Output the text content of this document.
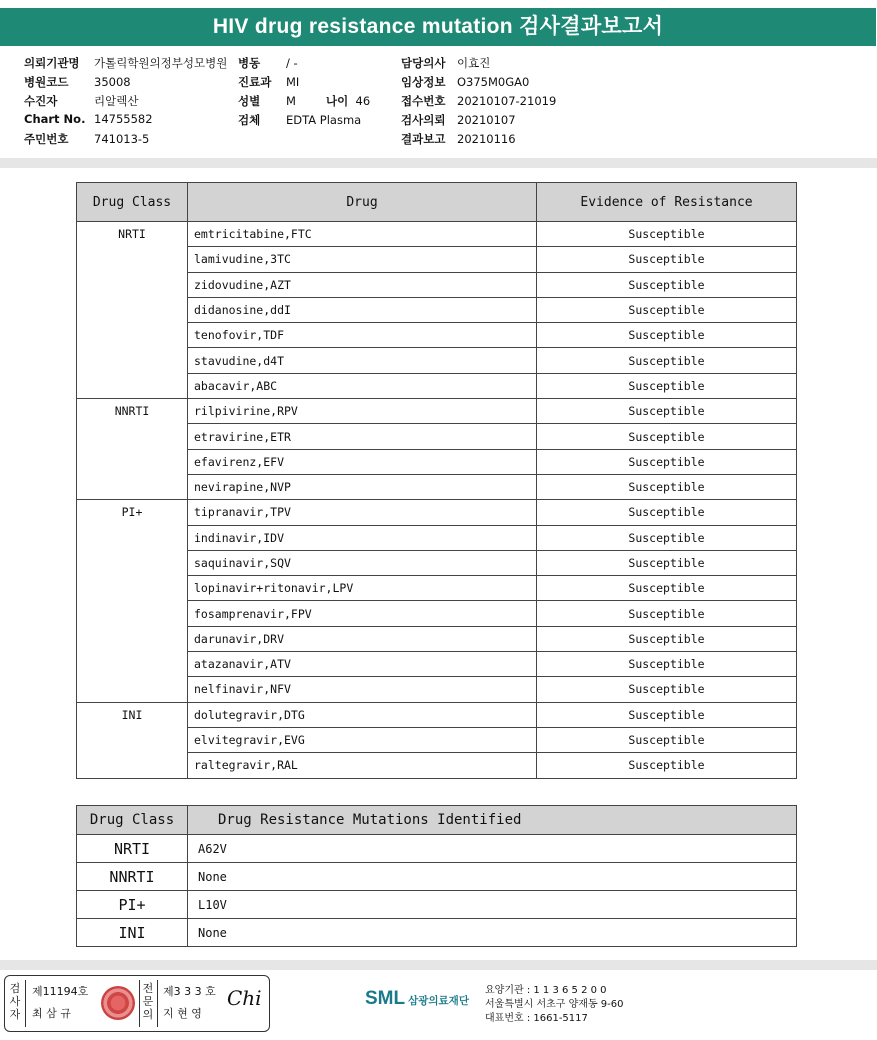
HIV drug resistance mutation 검사결과보고서
의뢰기관명 가톨릭학원의정부성모병원
병원코드 35008
수진자	리알렉산
Chart No. 14755582
주민번호 741013-5
병동 / -
진료과 MI
성별 M
검체 EDTA Plasma
나이 46
담당의사 이효진
임상정보 O375M0GA0
접수번호 20210107-21019
검사의뢰 20210107
결과보고 20210116
Drug Class	Drug	Evidence of Resistance
NRTI	emtricitabine,FTC	Susceptible
	lamivudine,3TC	Susceptible
	zidovudine,AZT	Susceptible
	didanosine,ddI	Susceptible
	tenofovir,TDF	Susceptible
	stavudine,d4T	Susceptible
	abacavir,ABC	Susceptible
NNRTI	rilpivirine,RPV	Susceptible
	etravirine,ETR	Susceptible
	efavirenz,EFV	Susceptible
	nevirapine,NVP	Susceptible
PI+	tipranavir,TPV	Susceptible
	indinavir,IDV	Susceptible
	saquinavir,SQV	Susceptible
	lopinavir+ritonavir,LPV	Susceptible
	fosamprenavir,FPV	Susceptible
	darunavir,DRV	Susceptible
	atazanavir,ATV	Susceptible
	nelfinavir,NFV	Susceptible
INI	dolutegravir,DTG	Susceptible
	elvitegravir,EVG	Susceptible
	raltegravir,RAL	Susceptible
Drug Class	Drug Resistance Mutations Identified
NRTI	A62V
NNRTI	None
PI+	L10V
INI	None
검
사
자
제11194호
최 삼 규
전
문
의
제3 3 3 호
지 현 영
Chi	SML 삼광의료재단
요양기관 : 1 1 3 6 5 2 0 0
서울특별시 서초구 양재동 9-60
대표번호 : 1661-5117
